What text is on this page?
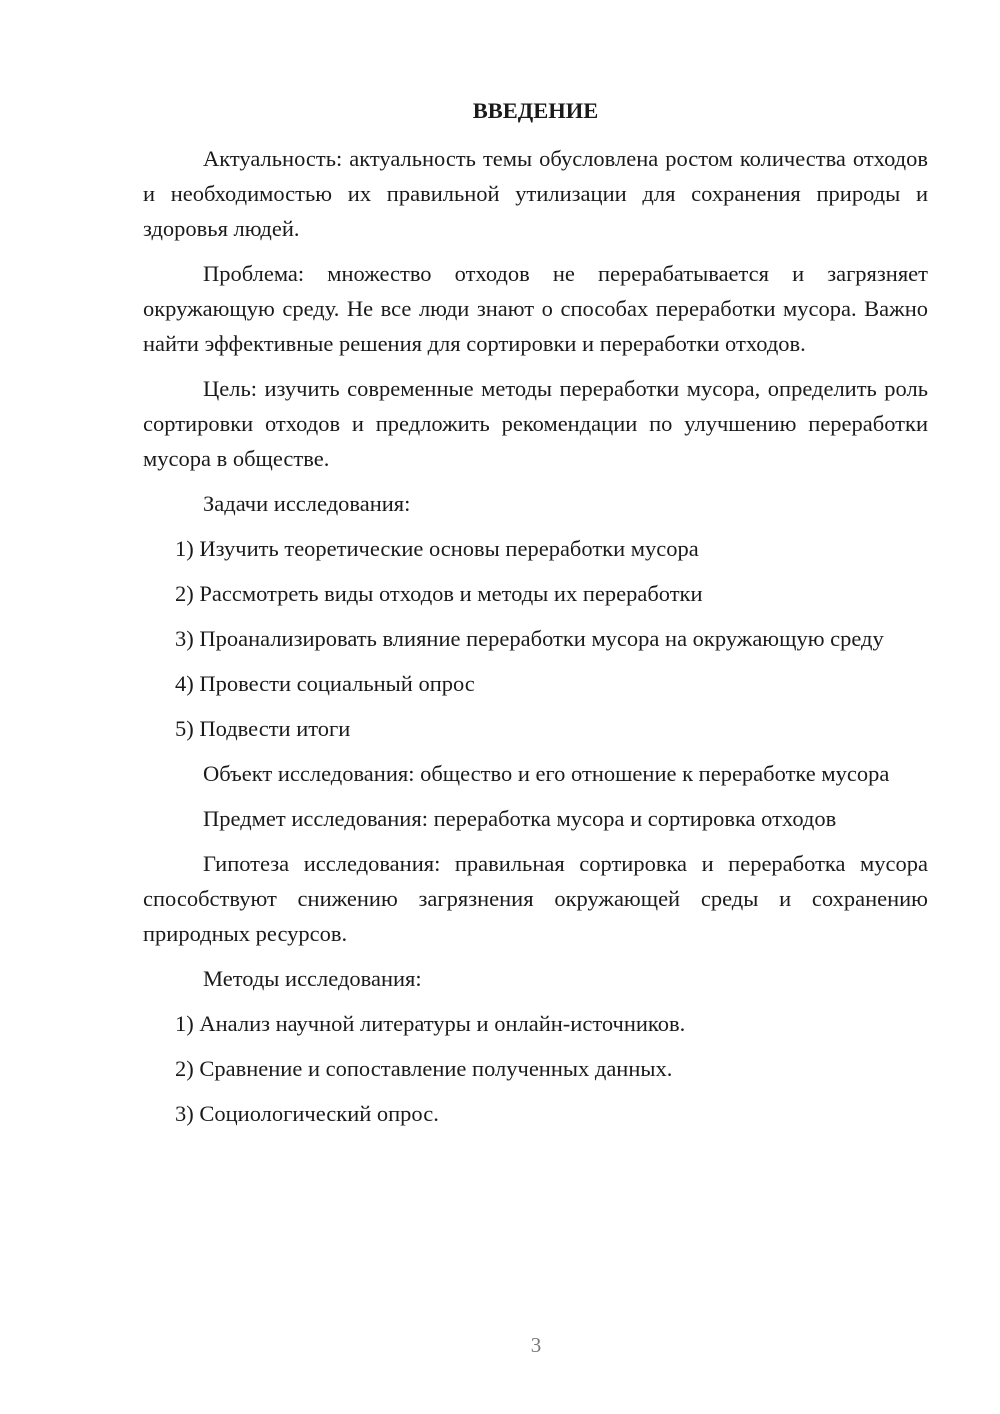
ВВЕДЕНИЕ

Актуальность: актуальность темы обусловлена ростом количества отходов и необходимостью их правильной утилизации для сохранения природы и здоровья людей.

Проблема: множество отходов не перерабатывается и загрязняет окружающую среду. Не все люди знают о способах переработки мусора. Важно найти эффективные решения для сортировки и переработки отходов.

Цель: изучить современные методы переработки мусора, определить роль сортировки отходов и предложить рекомендации по улучшению переработки мусора в обществе.

Задачи исследования:

1) Изучить теоретические основы переработки мусора

2) Рассмотреть виды отходов и методы их переработки

3) Проанализировать влияние переработки мусора на окружающую среду

4) Провести социальный опрос

5) Подвести итоги

Объект исследования: общество и его отношение к переработке мусора

Предмет исследования: переработка мусора и сортировка отходов

Гипотеза исследования: правильная сортировка и переработка мусора способствуют снижению загрязнения окружающей среды и сохранению природных ресурсов.

Методы исследования:

1) Анализ научной литературы и онлайн-источников.

2) Сравнение и сопоставление полученных данных.

3) Социологический опрос.

3
